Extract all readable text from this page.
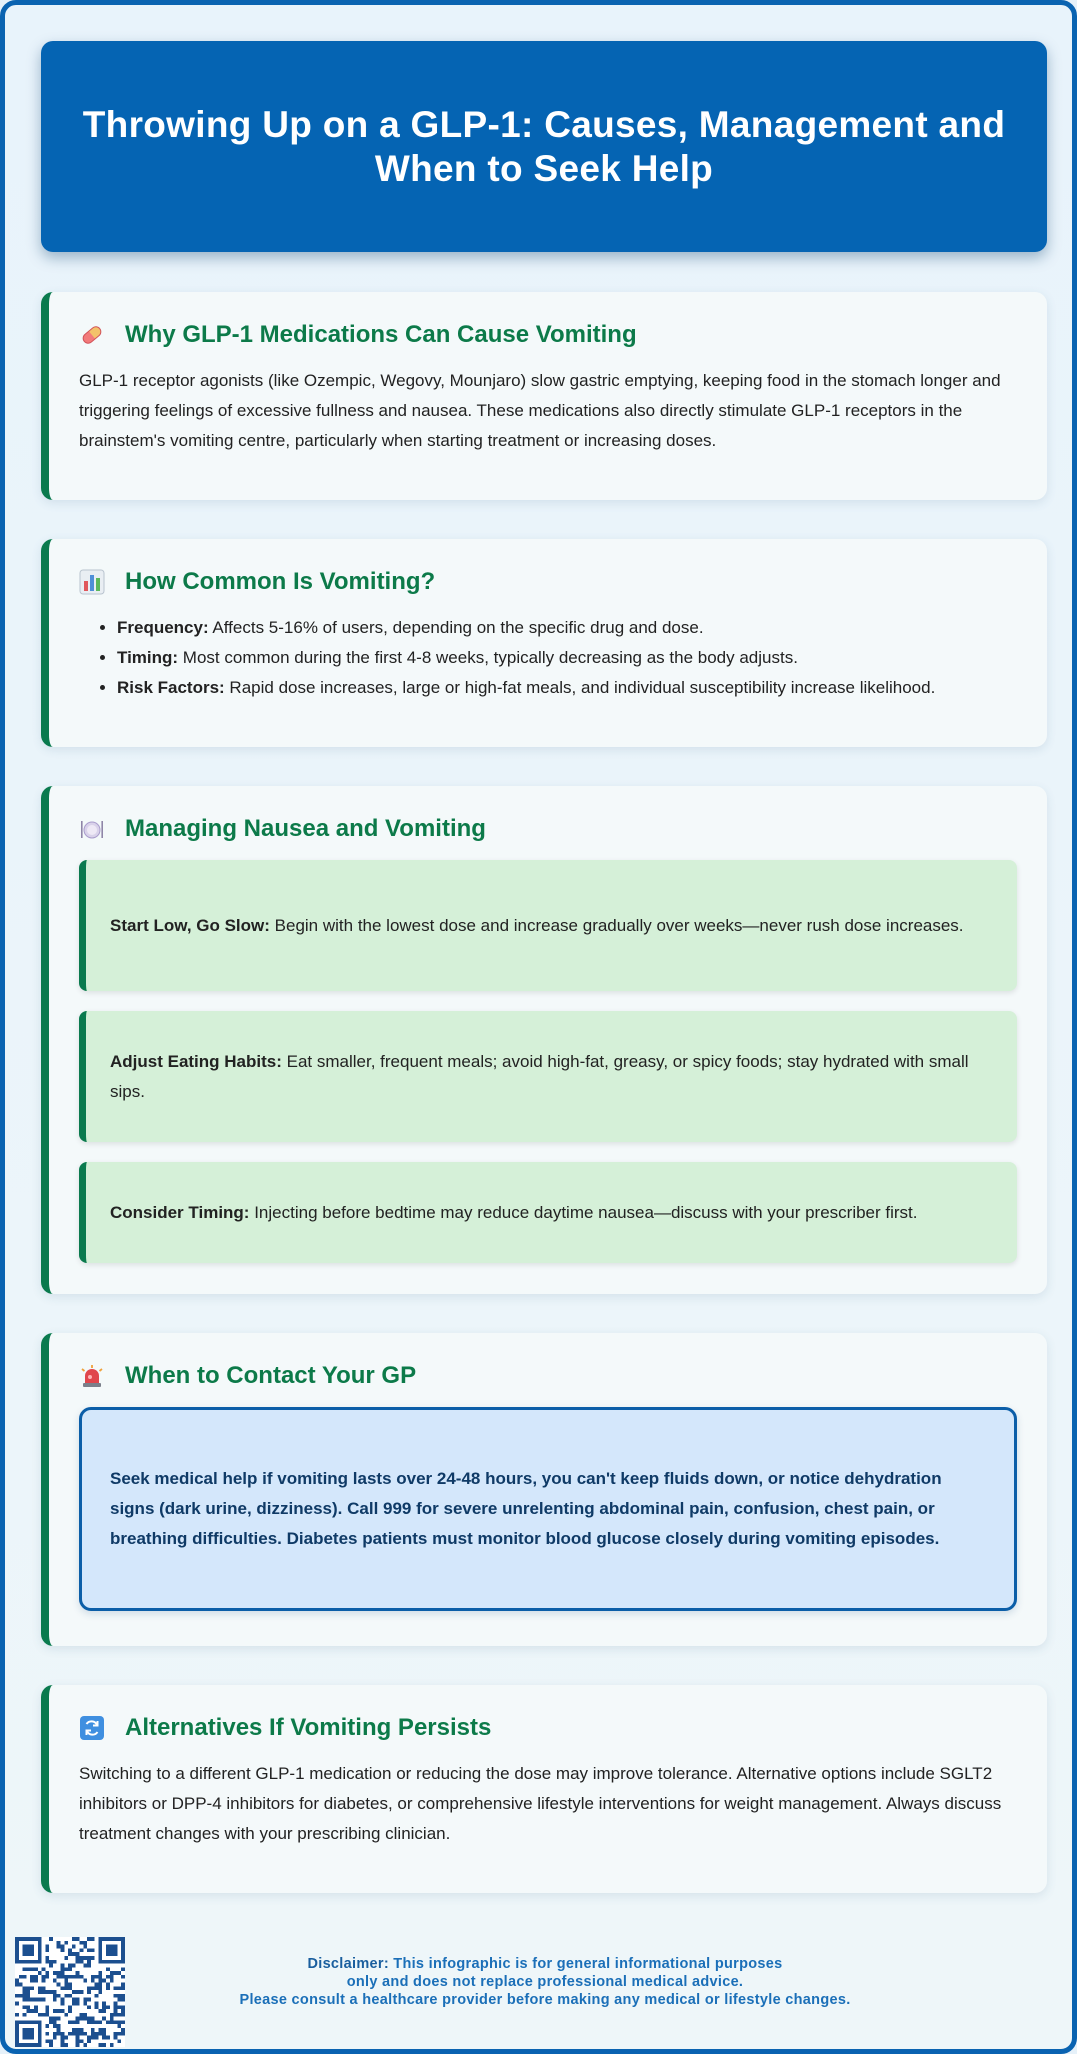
Throwing Up on a GLP-1: Causes, Management and When to Seek Help
Why GLP-1 Medications Can Cause Vomiting

GLP-1 receptor agonists (like Ozempic, Wegovy, Mounjaro) slow gastric emptying, keeping food in the stomach longer and triggering feelings of excessive fullness and nausea. These medications also directly stimulate GLP-1 receptors in the brainstem's vomiting centre, particularly when starting treatment or increasing doses.

How Common Is Vomiting?
• Frequency: Affects 5-16% of users, depending on the specific drug and dose.
• Timing: Most common during the first 4-8 weeks, typically decreasing as the body adjusts.
• Risk Factors: Rapid dose increases, large or high-fat meals, and individual susceptibility increase likelihood.
Managing Nausea and Vomiting
Start Low, Go Slow: Begin with the lowest dose and increase gradually over weeks—never rush dose increases.
Adjust Eating Habits: Eat smaller, frequent meals; avoid high-fat, greasy, or spicy foods; stay hydrated with small sips.
Consider Timing: Injecting before bedtime may reduce daytime nausea—discuss with your prescriber first.
When to Contact Your GP

Seek medical help if vomiting lasts over 24-48 hours, you can't keep fluids down, or notice dehydration signs (dark urine, dizziness). Call 999 for severe unrelenting abdominal pain, confusion, chest pain, or breathing difficulties. Diabetes patients must monitor blood glucose closely during vomiting episodes.

Alternatives If Vomiting Persists

Switching to a different GLP-1 medication or reducing the dose may improve tolerance. Alternative options include SGLT2 inhibitors or DPP-4 inhibitors for diabetes, or comprehensive lifestyle interventions for weight management. Always discuss treatment changes with your prescribing clinician.

Disclaimer: This infographic is for general informational purposes
only and does not replace professional medical advice.
Please consult a healthcare provider before making any medical or lifestyle changes.
